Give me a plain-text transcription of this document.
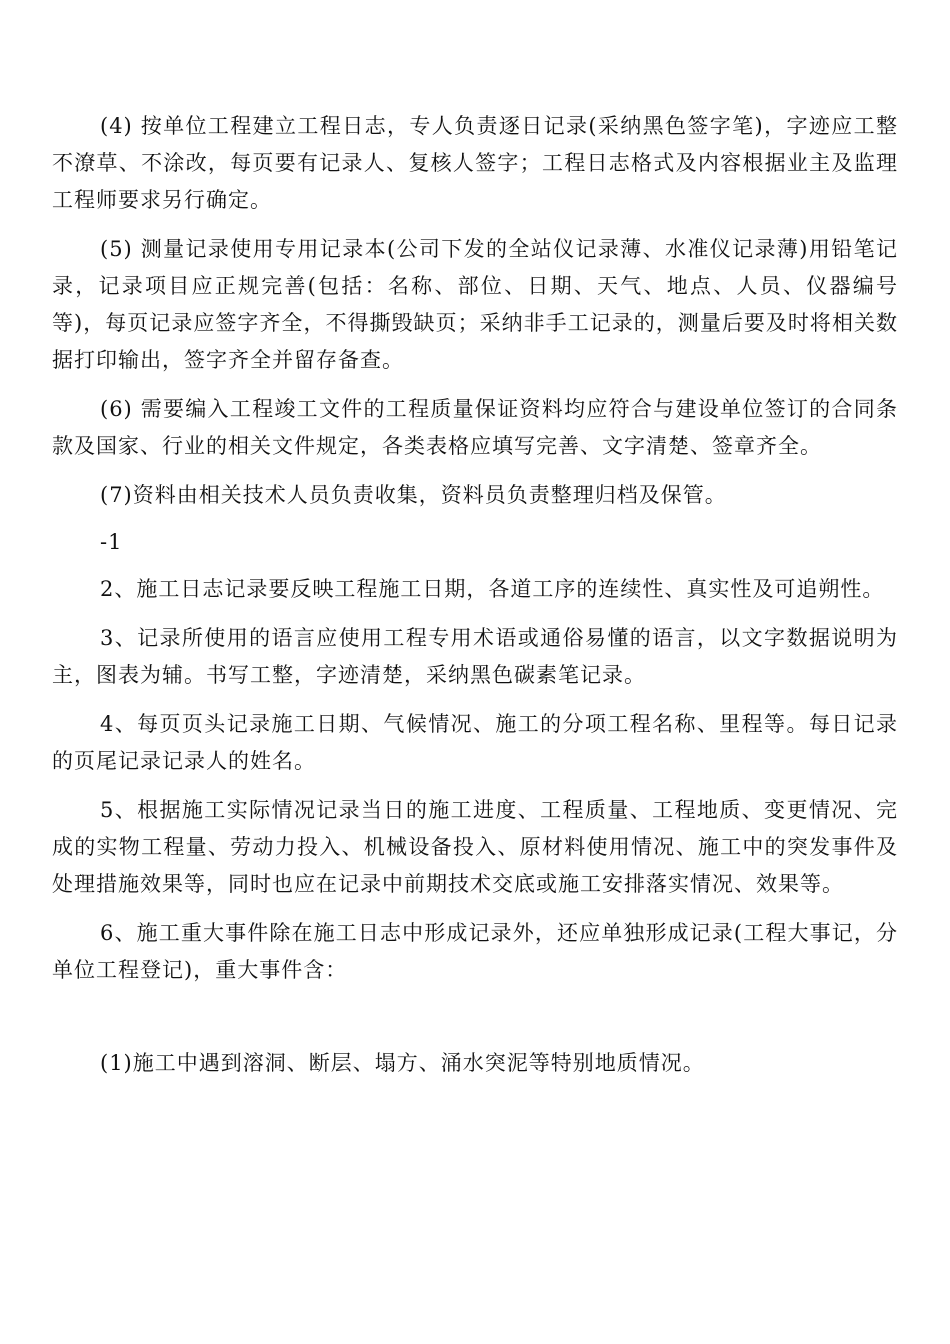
(4) 按单位工程建立工程日志，专人负责逐日记录(采纳黑色签字笔)，字迹应工整不潦草、不涂改，每页要有记录人、复核人签字；工程日志格式及内容根据业主及监理工程师要求另行确定。

(5) 测量记录使用专用记录本(公司下发的全站仪记录薄、水准仪记录薄)用铅笔记录，记录项目应正规完善(包括：名称、部位、日期、天气、地点、人员、仪器编号等)，每页记录应签字齐全，不得撕毁缺页；采纳非手工记录的，测量后要及时将相关数据打印输出，签字齐全并留存备查。

(6) 需要编入工程竣工文件的工程质量保证资料均应符合与建设单位签订的合同条款及国家、行业的相关文件规定，各类表格应填写完善、文字清楚、签章齐全。

(7)资料由相关技术人员负责收集，资料员负责整理归档及保管。

-1

2、施工日志记录要反映工程施工日期，各道工序的连续性、真实性及可追朔性。

3、记录所使用的语言应使用工程专用术语或通俗易懂的语言，以文字数据说明为主，图表为辅。书写工整，字迹清楚，采纳黑色碳素笔记录。

4、每页页头记录施工日期、气候情况、施工的分项工程名称、里程等。每日记录的页尾记录记录人的姓名。

5、根据施工实际情况记录当日的施工进度、工程质量、工程地质、变更情况、完成的实物工程量、劳动力投入、机械设备投入、原材料使用情况、施工中的突发事件及处理措施效果等，同时也应在记录中前期技术交底或施工安排落实情况、效果等。

6、施工重大事件除在施工日志中形成记录外，还应单独形成记录(工程大事记，分单位工程登记)，重大事件含：

(1)施工中遇到溶洞、断层、塌方、涌水突泥等特别地质情况。
